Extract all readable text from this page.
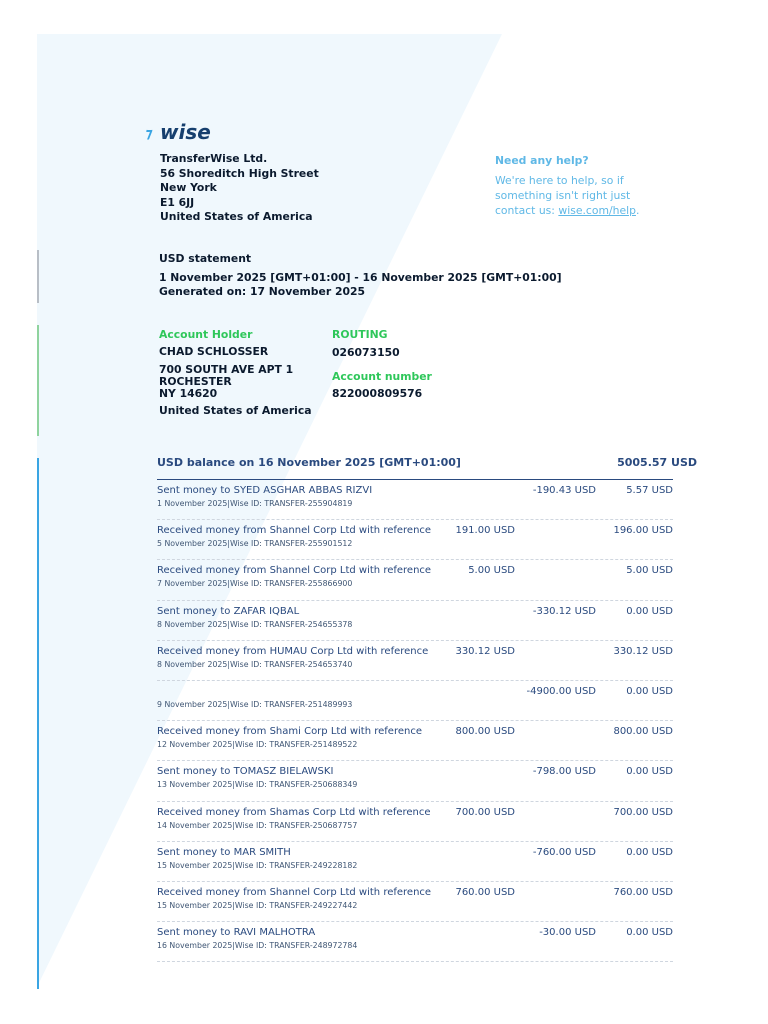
⁊ wise
TransferWise Ltd.
56 Shoreditch High Street
New York
E1 6JJ
United States of America
Need any help?
We're here to help, so if something isn't right just contact us: wise.com/help.
USD statement
1 November 2025 [GMT+01:00] - 16 November 2025 [GMT+01:00]
Generated on: 17 November 2025
Account Holder
CHAD SCHLOSSER
700 SOUTH AVE APT 1
ROCHESTER
NY 14620
United States of America
ROUTING
026073150
Account number
822000809576
USD balance on 16 November 2025 [GMT+01:00]	5005.57 USD
Sent money to SYED ASGHAR ABBAS RIZVI
1 November 2025|Wise ID: TRANSFER-255904819
-190.43 USD	5.57 USD
Received money from Shannel Corp Ltd with reference
5 November 2025|Wise ID: TRANSFER-255901512
191.00 USD	196.00 USD
Received money from Shannel Corp Ltd with reference
7 November 2025|Wise ID: TRANSFER-255866900
5.00 USD	5.00 USD
Sent money to ZAFAR IQBAL
8 November 2025|Wise ID: TRANSFER-254655378
-330.12 USD	0.00 USD
Received money from HUMAU Corp Ltd with reference
8 November 2025|Wise ID: TRANSFER-254653740
330.12 USD	330.12 USD
9 November 2025|Wise ID: TRANSFER-251489993
-4900.00 USD	0.00 USD
Received money from Shami Corp Ltd with reference
12 November 2025|Wise ID: TRANSFER-251489522
800.00 USD	800.00 USD
Sent money to TOMASZ BIELAWSKI
13 November 2025|Wise ID: TRANSFER-250688349
-798.00 USD	0.00 USD
Received money from Shamas Corp Ltd with reference
14 November 2025|Wise ID: TRANSFER-250687757
700.00 USD	700.00 USD
Sent money to MAR SMITH
15 November 2025|Wise ID: TRANSFER-249228182
-760.00 USD	0.00 USD
Received money from Shannel Corp Ltd with reference
15 November 2025|Wise ID: TRANSFER-249227442
760.00 USD	760.00 USD
Sent money to RAVI MALHOTRA
16 November 2025|Wise ID: TRANSFER-248972784
-30.00 USD	0.00 USD
